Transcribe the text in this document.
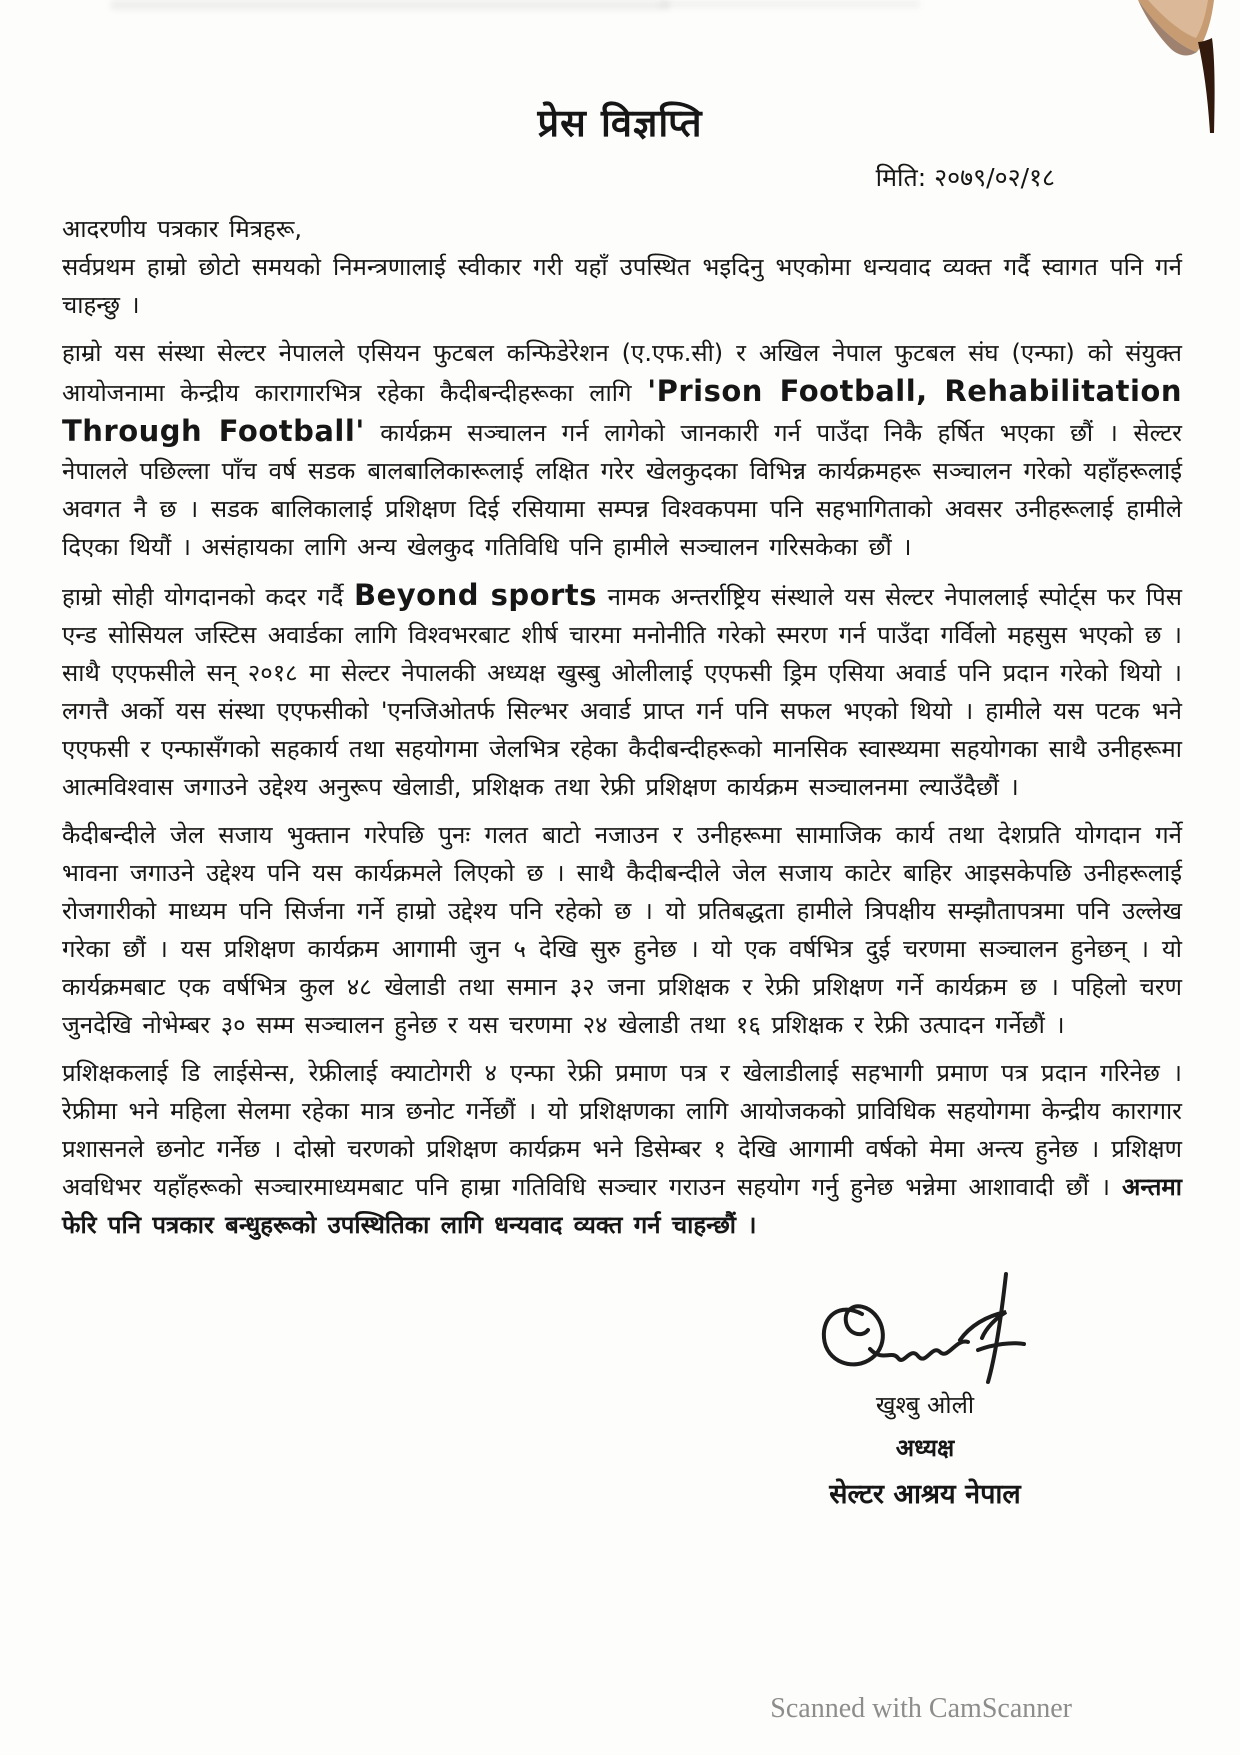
प्रेस विज्ञप्ति
मिति: २०७९/०२/१८

आदरणीय पत्रकार मित्रहरू,

सर्वप्रथम हाम्रो छोटो समयको निमन्त्रणालाई स्वीकार गरी यहाँ उपस्थित भइदिनु भएकोमा धन्यवाद व्यक्त गर्दै स्वागत पनि गर्न चाहन्छु ।

हाम्रो यस संस्था सेल्टर नेपालले एसियन फुटबल कन्फिडेरेशन (ए.एफ.सी) र अखिल नेपाल फुटबल संघ (एन्फा) को संयुक्त आयोजनामा केन्द्रीय कारागारभित्र रहेका कैदीबन्दीहरूका लागि 'Prison Football, Rehabilitation Through Football' कार्यक्रम सञ्चालन गर्न लागेको जानकारी गर्न पाउँदा निकै हर्षित भएका छौं । सेल्टर नेपालले पछिल्ला पाँच वर्ष सडक बालबालिकारूलाई लक्षित गरेर खेलकुदका विभिन्न कार्यक्रमहरू सञ्चालन गरेको यहाँहरूलाई अवगत नै छ । सडक बालिकालाई प्रशिक्षण दिई रसियामा सम्पन्न विश्वकपमा पनि सहभागिताको अवसर उनीहरूलाई हामीले दिएका थियौं । असंहायका लागि अन्य खेलकुद गतिविधि पनि हामीले सञ्चालन गरिसकेका छौं ।

हाम्रो सोही योगदानको कदर गर्दै Beyond sports नामक अन्तर्राष्ट्रिय संस्थाले यस सेल्टर नेपाललाई स्पोर्ट्स फर पिस एन्ड सोसियल जस्टिस अवार्डका लागि विश्वभरबाट शीर्ष चारमा मनोनीति गरेको स्मरण गर्न पाउँदा गर्विलो महसुस भएको छ । साथै एएफसीले सन् २०१८ मा सेल्टर नेपालकी अध्यक्ष खुस्बु ओलीलाई एएफसी ड्रिम एसिया अवार्ड पनि प्रदान गरेको थियो । लगत्तै अर्को यस संस्था एएफसीको 'एनजिओतर्फ सिल्भर अवार्ड प्राप्त गर्न पनि सफल भएको थियो । हामीले यस पटक भने एएफसी र एन्फासँगको सहकार्य तथा सहयोगमा जेलभित्र रहेका कैदीबन्दीहरूको मानसिक स्वास्थ्यमा सहयोगका साथै उनीहरूमा आत्मविश्वास जगाउने उद्देश्य अनुरूप खेलाडी, प्रशिक्षक तथा रेफ्री प्रशिक्षण कार्यक्रम सञ्चालनमा ल्याउँदैछौं ।

कैदीबन्दीले जेल सजाय भुक्तान गरेपछि पुनः गलत बाटो नजाउन र उनीहरूमा सामाजिक कार्य तथा देशप्रति योगदान गर्ने भावना जगाउने उद्देश्य पनि यस कार्यक्रमले लिएको छ । साथै कैदीबन्दीले जेल सजाय काटेर बाहिर आइसकेपछि उनीहरूलाई रोजगारीको माध्यम पनि सिर्जना गर्ने हाम्रो उद्देश्य पनि रहेको छ । यो प्रतिबद्धता हामीले त्रिपक्षीय सम्झौतापत्रमा पनि उल्लेख गरेका छौं । यस प्रशिक्षण कार्यक्रम आगामी जुन ५ देखि सुरु हुनेछ । यो एक वर्षभित्र दुई चरणमा सञ्चालन हुनेछन् । यो कार्यक्रमबाट एक वर्षभित्र कुल ४८ खेलाडी तथा समान ३२ जना प्रशिक्षक र रेफ्री प्रशिक्षण गर्ने कार्यक्रम छ । पहिलो चरण जुनदेखि नोभेम्बर ३० सम्म सञ्चालन हुनेछ र यस चरणमा २४ खेलाडी तथा १६ प्रशिक्षक र रेफ्री उत्पादन गर्नेछौं ।

प्रशिक्षकलाई डि लाईसेन्स, रेफ्रीलाई क्याटोगरी ४ एन्फा रेफ्री प्रमाण पत्र र खेलाडीलाई सहभागी प्रमाण पत्र प्रदान गरिनेछ । रेफ्रीमा भने महिला सेलमा रहेका मात्र छनोट गर्नेछौं । यो प्रशिक्षणका लागि आयोजकको प्राविधिक सहयोगमा केन्द्रीय कारागार प्रशासनले छनोट गर्नेछ । दोस्रो चरणको प्रशिक्षण कार्यक्रम भने डिसेम्बर १ देखि आगामी वर्षको मेमा अन्त्य हुनेछ । प्रशिक्षण अवधिभर यहाँहरूको सञ्चारमाध्यमबाट पनि हाम्रा गतिविधि सञ्चार गराउन सहयोग गर्नु हुनेछ भन्नेमा आशावादी छौं । अन्तमा फेरि पनि पत्रकार बन्धुहरूको उपस्थितिका लागि धन्यवाद व्यक्त गर्न चाहन्छौं ।

खुश्बु ओली
अध्यक्ष
सेल्टर आश्रय नेपाल
Scanned with CamScanner
